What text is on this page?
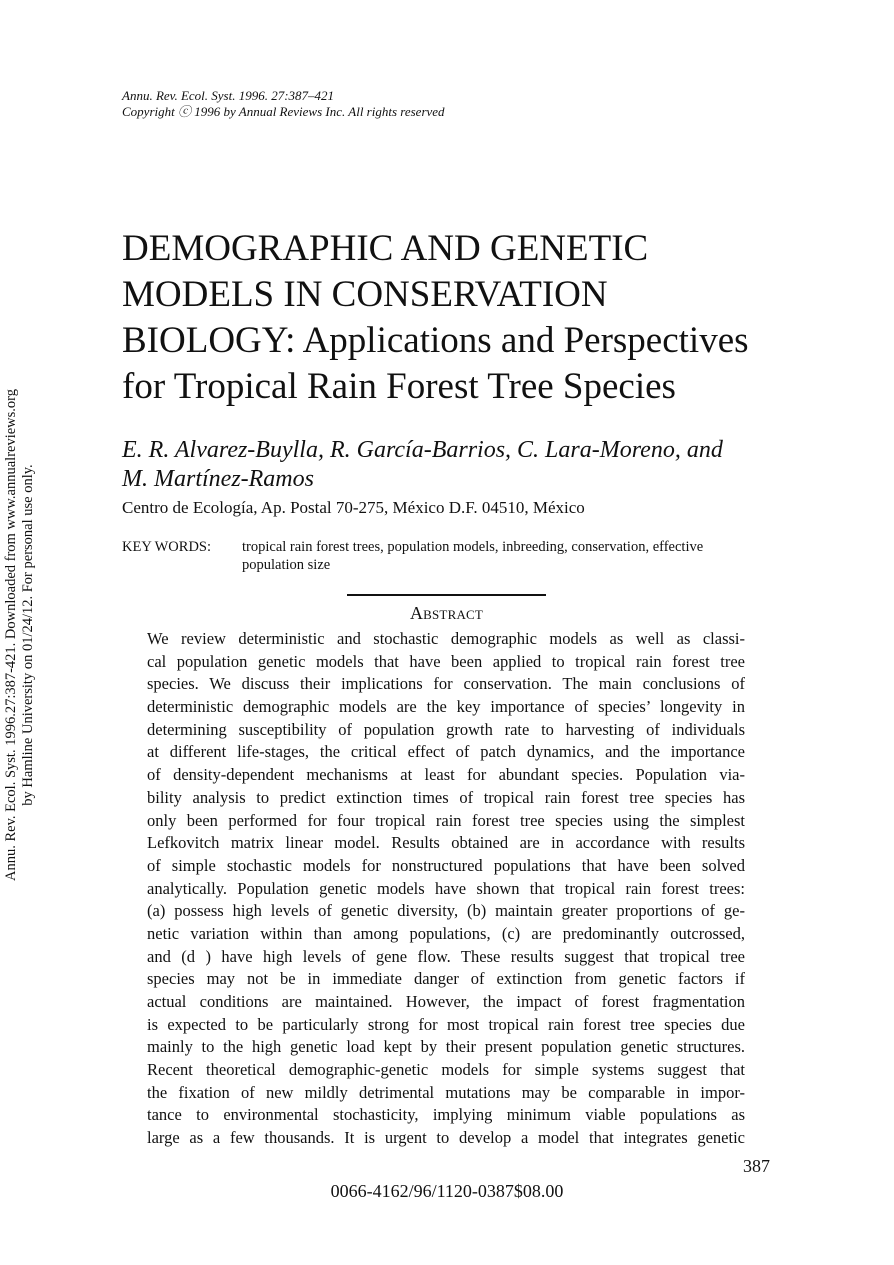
Annu. Rev. Ecol. Syst. 1996. 27:387–421
Copyright ⓒ 1996 by Annual Reviews Inc. All rights reserved
Annu. Rev. Ecol. Syst. 1996.27:387-421. Downloaded from www.annualreviews.org by Hamline University on 01/24/12. For personal use only.
DEMOGRAPHIC AND GENETIC
MODELS IN CONSERVATION
BIOLOGY: Applications and Perspectives
for Tropical Rain Forest Tree Species
E. R. Alvarez-Buylla, R. García-Barrios, C. Lara-Moreno, and
M. Martínez-Ramos
Centro de Ecología, Ap. Postal 70-275, México D.F. 04510, México
KEY WORDS: tropical rain forest trees, population models, inbreeding, conservation, effective
population size
Abstract
We review deterministic and stochastic demographic models as well as classi-
cal population genetic models that have been applied to tropical rain forest tree
species. We discuss their implications for conservation. The main conclusions of
deterministic demographic models are the key importance of species’ longevity in
determining susceptibility of population growth rate to harvesting of individuals
at different life-stages, the critical effect of patch dynamics, and the importance
of density-dependent mechanisms at least for abundant species. Population via-
bility analysis to predict extinction times of tropical rain forest tree species has
only been performed for four tropical rain forest tree species using the simplest
Lefkovitch matrix linear model. Results obtained are in accordance with results
of simple stochastic models for nonstructured populations that have been solved
analytically. Population genetic models have shown that tropical rain forest trees:
(a) possess high levels of genetic diversity, (b) maintain greater proportions of ge-
netic variation within than among populations, (c) are predominantly outcrossed,
and (d ) have high levels of gene flow. These results suggest that tropical tree
species may not be in immediate danger of extinction from genetic factors if
actual conditions are maintained. However, the impact of forest fragmentation
is expected to be particularly strong for most tropical rain forest tree species due
mainly to the high genetic load kept by their present population genetic structures.
Recent theoretical demographic-genetic models for simple systems suggest that
the fixation of new mildly detrimental mutations may be comparable in impor-
tance to environmental stochasticity, implying minimum viable populations as
large as a few thousands. It is urgent to develop a model that integrates genetic
387
0066-4162/96/1120-0387$08.00
